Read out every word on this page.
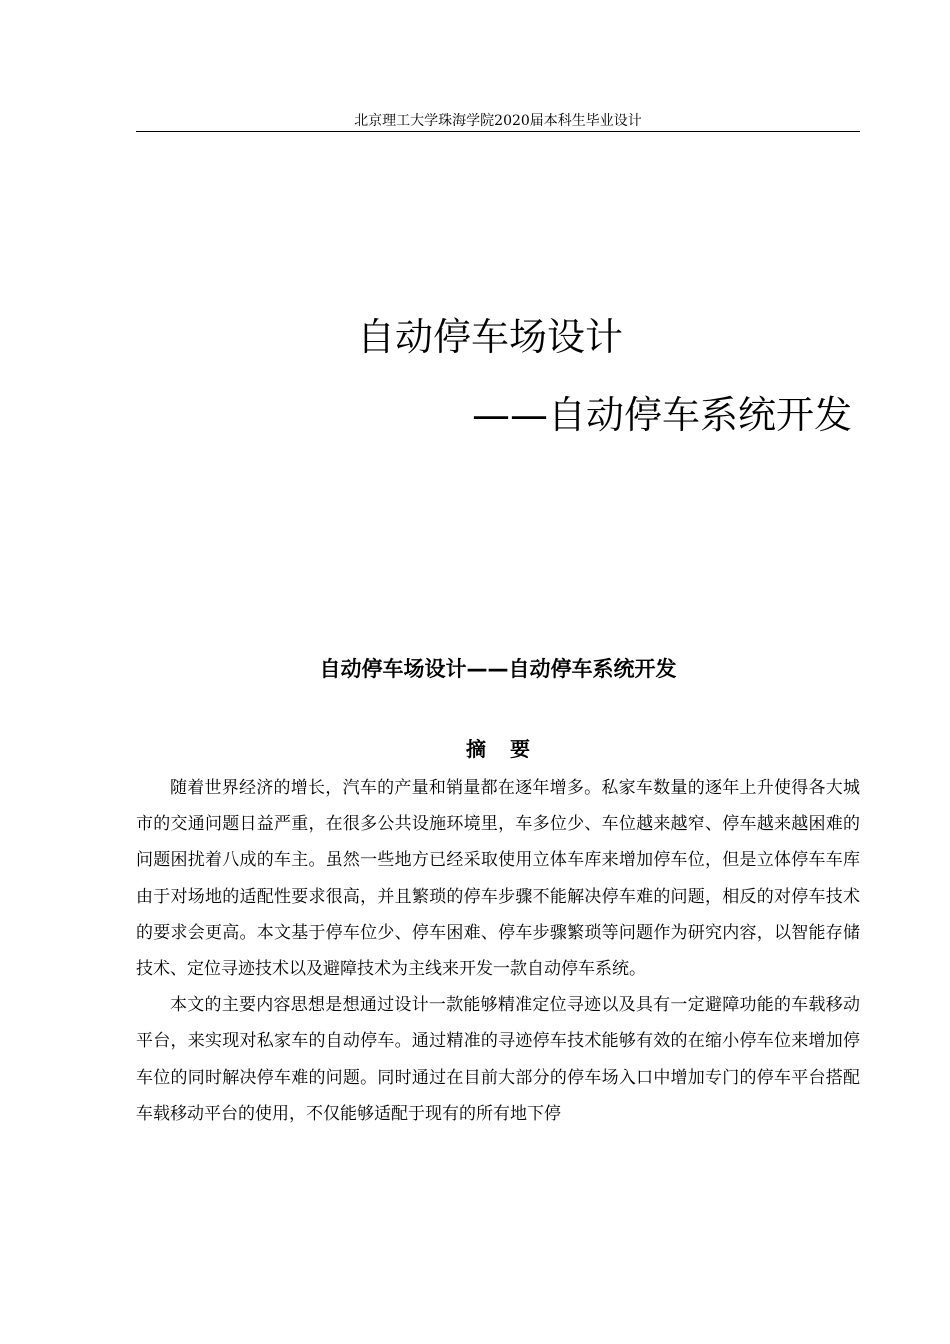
北京理工大学珠海学院2020届本科生毕业设计
自动停车场设计
——自动停车系统开发
自动停车场设计——自动停车系统开发
摘要

随着世界经济的增长，汽车的产量和销量都在逐年增多。私家车数量的逐年上升使得各大城市的交通问题日益严重，在很多公共设施环境里，车多位少、车位越来越窄、停车越来越困难的问题困扰着八成的车主。虽然一些地方已经采取使用立体车库来增加停车位，但是立体停车车库由于对场地的适配性要求很高，并且繁琐的停车步骤不能解决停车难的问题，相反的对停车技术的要求会更高。本文基于停车位少、停车困难、停车步骤繁琐等问题作为研究内容，以智能存储技术、定位寻迹技术以及避障技术为主线来开发一款自动停车系统。

本文的主要内容思想是想通过设计一款能够精准定位寻迹以及具有一定避障功能的车载移动平台，来实现对私家车的自动停车。通过精准的寻迹停车技术能够有效的在缩小停车位来增加停车位的同时解决停车难的问题。同时通过在目前大部分的停车场入口中增加专门的停车平台搭配车载移动平台的使用，不仅能够适配于现有的所有地下停
